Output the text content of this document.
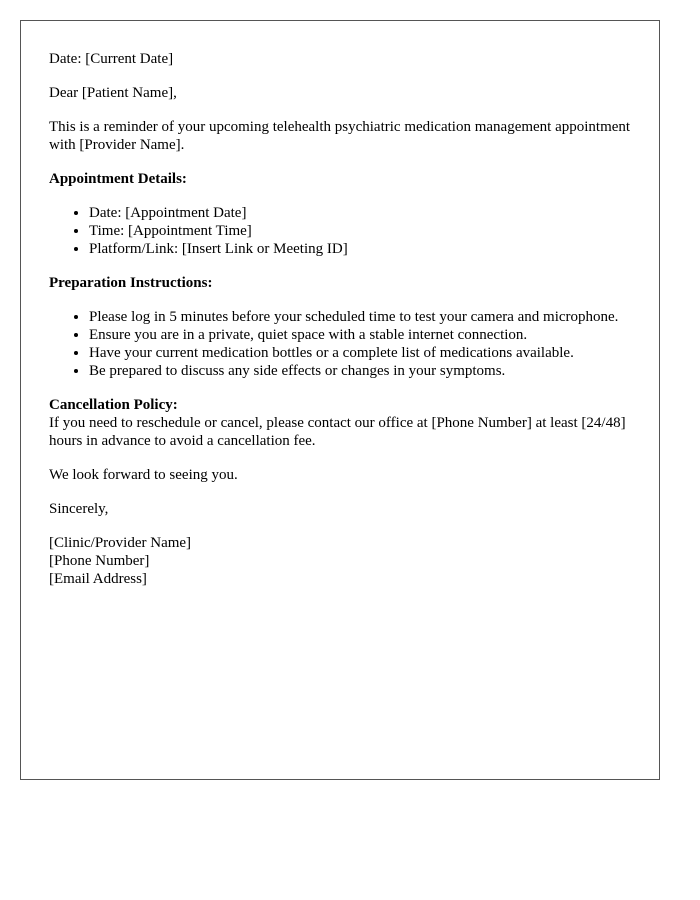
Date: [Current Date]

Dear [Patient Name],

This is a reminder of your upcoming telehealth psychiatric medication management appointment with [Provider Name].

Appointment Details:
• Date: [Appointment Date]
• Time: [Appointment Time]
• Platform/Link: [Insert Link or Meeting ID]
Preparation Instructions:
• Please log in 5 minutes before your scheduled time to test your camera and microphone.
• Ensure you are in a private, quiet space with a stable internet connection.
• Have your current medication bottles or a complete list of medications available.
• Be prepared to discuss any side effects or changes in your symptoms.
Cancellation Policy:

If you need to reschedule or cancel, please contact our office at [Phone Number] at least [24/48] hours in advance to avoid a cancellation fee.

We look forward to seeing you.

Sincerely,

[Clinic/Provider Name]
[Phone Number]
[Email Address]
